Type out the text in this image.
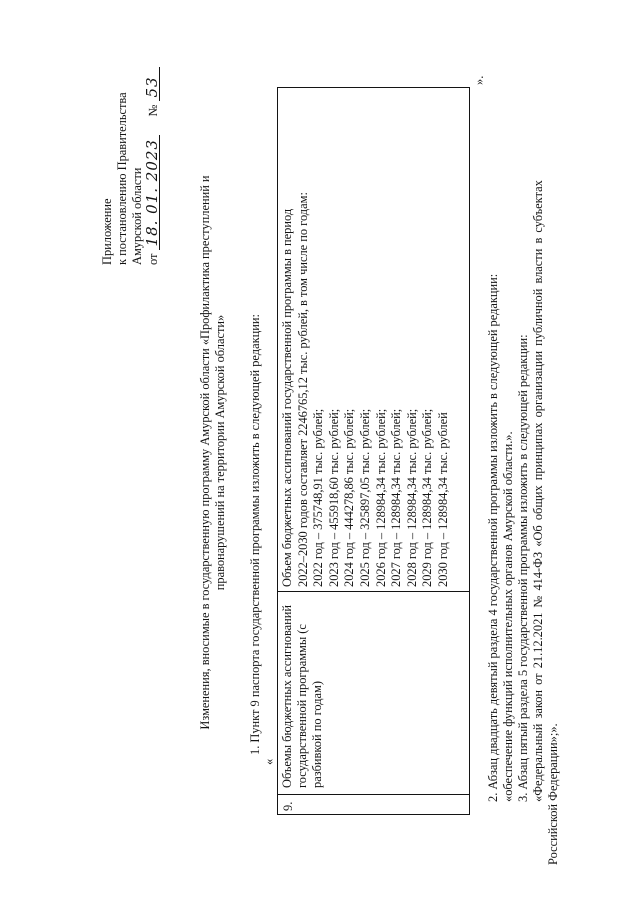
Приложение к постановлению Правительства Амурской области от 18. 01. 2023      № 53
Изменения, вносимые в государственную программу Амурской области «Профилактика преступлений и правонарушений на территории Амурской области» 1. Пункт 9 паспорта государственной программы изложить в следующей редакции:
«
9.
Объемы бюджетных ассигнований государственной программы (с разбивкой по годам)
Объем бюджетных ассигнований государственной программы в период 2022–2030 годов составляет 2246765,12 тыс. рублей, в том числе по годам: 2022 год – 375748,91 тыс. рублей; 2023 год – 455918,60 тыс. рублей; 2024 год – 444278,86 тыс. рублей; 2025 год – 325897,05 тыс. рублей; 2026 год – 128984,34 тыс. рублей; 2027 год – 128984,34 тыс. рублей; 2028 год – 128984,34 тыс. рублей; 2029 год – 128984,34 тыс. рублей; 2030 год – 128984,34 тыс. рублей
».
2. Абзац двадцать девятый раздела 4 государственной программы изложить в следующей редакции: «обеспечение функций исполнительных органов Амурской области.». 3. Абзац пятый раздела 5 государственной программы изложить в следующей редакции: «Федеральный закон от 21.12.2021 № 414-ФЗ «Об общих принципах организации публичной власти в субъектах Российской Федерации»;».
